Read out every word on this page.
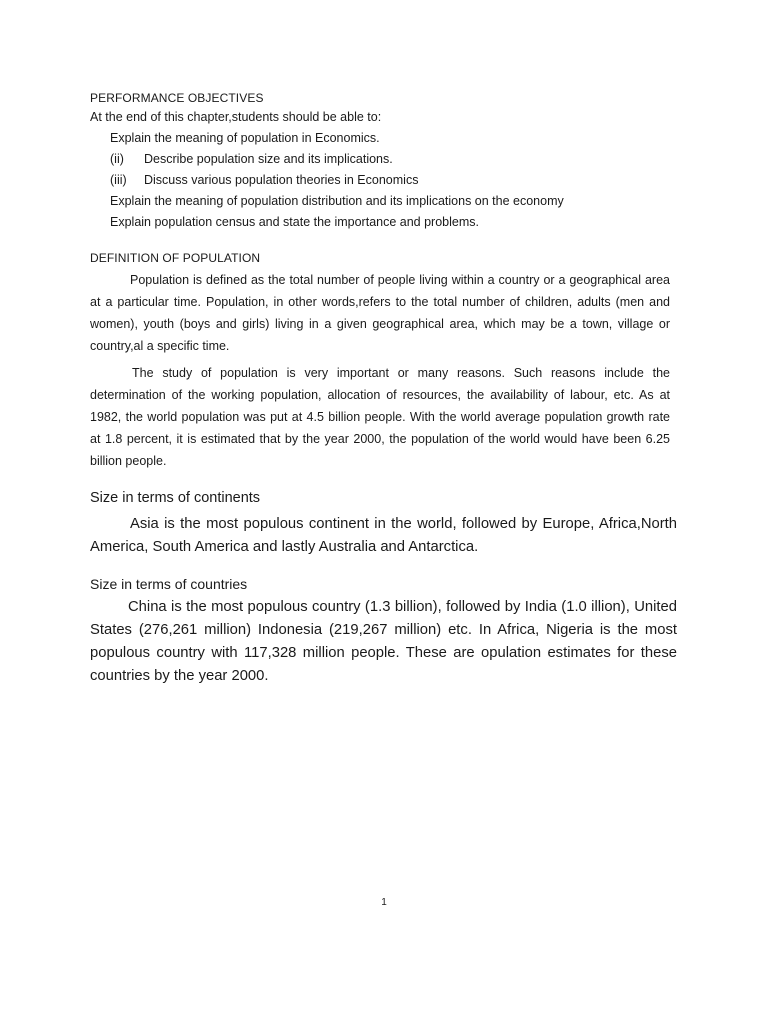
PERFORMANCE OBJECTIVES
At the end of this chapter,students should be able to:
Explain the meaning of population in Economics.
(ii) Describe population size and its implications.
(iii) Discuss various population theories in Economics
Explain the meaning of population distribution and its implications on the economy
Explain population census and state the importance and problems.
DEFINITION OF POPULATION
Population is defined as the total number of people living within a country or a geographical area at a particular time. Population, in other words,refers to the total number of children, adults (men and women), youth (boys and girls) living in a given geographical area, which may be a town, village or country,al a specific time.
The study of population is very important or many reasons. Such reasons include the determination of the working population, allocation of resources, the availability of labour, etc. As at 1982, the world population was put at 4.5 billion people. With the world average population growth rate at 1.8 percent, it is estimated that by the year 2000, the population of the world would have been 6.25 billion people.
Size in terms of continents
Asia is the most populous continent in the world, followed by Europe, Africa,North America, South America and lastly Australia and Antarctica.
Size in terms of countries
China is the most populous country (1.3 billion), followed by India (1.0 illion), United States (276,261 million) Indonesia (219,267 million) etc. In Africa, Nigeria is the most populous country with 117,328 million people. These are opulation estimates for these countries by the year 2000.
1
